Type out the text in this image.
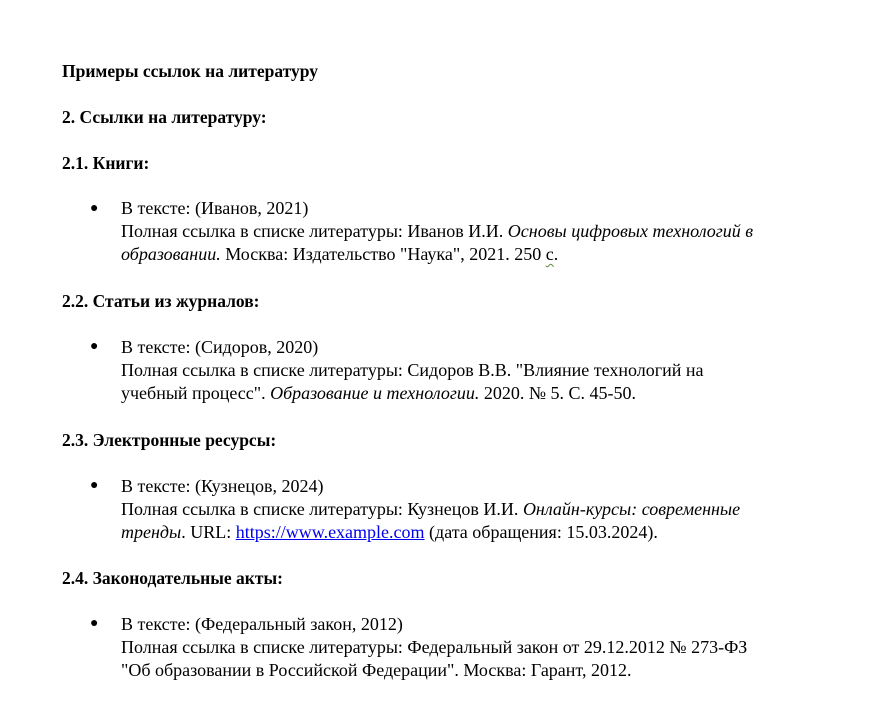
Примеры ссылок на литературу
2. Ссылки на литературу:
2.1. Книги:
● В тексте: (Иванов, 2021)
Полная ссылка в списке литературы: Иванов И.И. Основы цифровых технологий в
образовании. Москва: Издательство "Наука", 2021. 250 с.
2.2. Статьи из журналов:
● В тексте: (Сидоров, 2020)
Полная ссылка в списке литературы: Сидоров В.В. "Влияние технологий на
учебный процесс". Образование и технологии. 2020. № 5. С. 45-50.
2.3. Электронные ресурсы:
● В тексте: (Кузнецов, 2024)
Полная ссылка в списке литературы: Кузнецов И.И. Онлайн-курсы: современные
тренды. URL: https://www.example.com (дата обращения: 15.03.2024).
2.4. Законодательные акты:
● В тексте: (Федеральный закон, 2012)
Полная ссылка в списке литературы: Федеральный закон от 29.12.2012 № 273-ФЗ
"Об образовании в Российской Федерации". Москва: Гарант, 2012.
